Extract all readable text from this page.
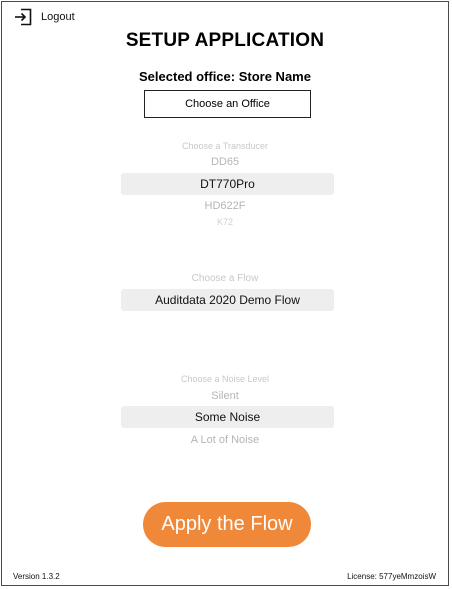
Logout
SETUP APPLICATION
Selected office: Store Name
Choose an Office
Choose a Transducer
DD65
DT770Pro
HD622F
K72
Choose a Flow
Auditdata 2020 Demo Flow
Choose a Noise Level
Silent
Some Noise
A Lot of Noise
Apply the Flow
Version 1.3.2	License: 577yeMmzoisW
